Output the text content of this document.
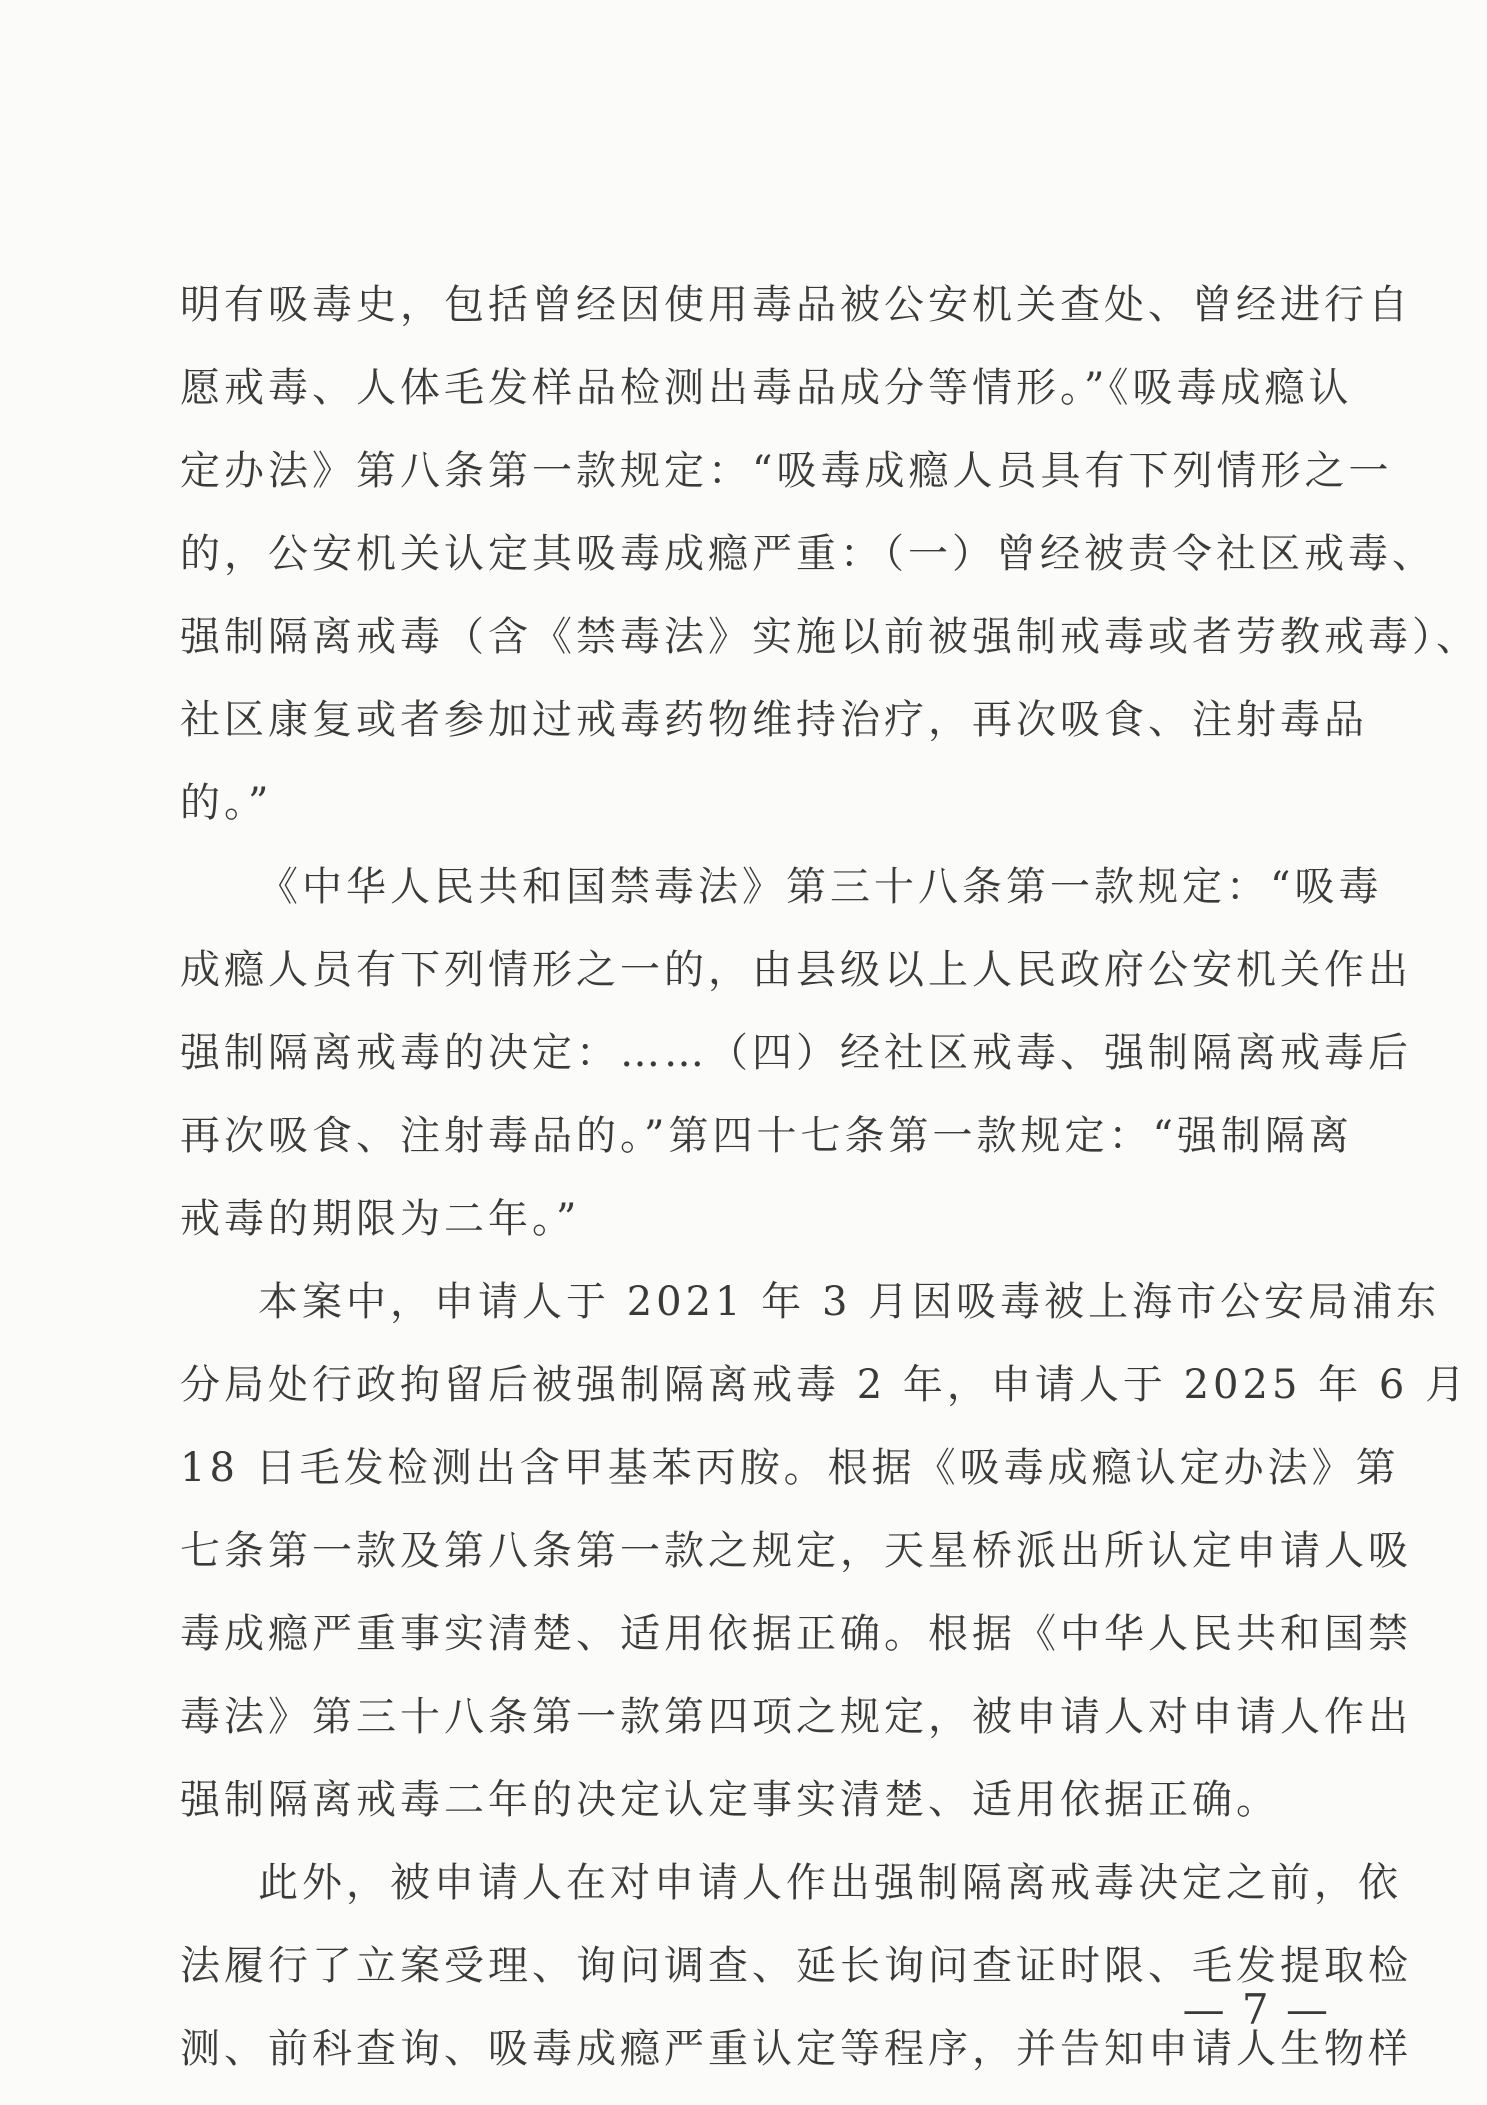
明有吸毒史，包括曾经因使用毒品被公安机关查处、曾经进行自
愿戒毒、人体毛发样品检测出毒品成分等情形。”《吸毒成瘾认
定办法》第八条第一款规定：“吸毒成瘾人员具有下列情形之一
的，公安机关认定其吸毒成瘾严重：（一）曾经被责令社区戒毒、
强制隔离戒毒（含《禁毒法》实施以前被强制戒毒或者劳教戒毒）、
社区康复或者参加过戒毒药物维持治疗，再次吸食、注射毒品
的。”
《中华人民共和国禁毒法》第三十八条第一款规定：“吸毒
成瘾人员有下列情形之一的，由县级以上人民政府公安机关作出
强制隔离戒毒的决定：……（四）经社区戒毒、强制隔离戒毒后
再次吸食、注射毒品的。”第四十七条第一款规定：“强制隔离
戒毒的期限为二年。”
本案中，申请人于 2021 年 3 月因吸毒被上海市公安局浦东
分局处行政拘留后被强制隔离戒毒 2 年，申请人于 2025 年 6 月
18 日毛发检测出含甲基苯丙胺。根据《吸毒成瘾认定办法》第
七条第一款及第八条第一款之规定，天星桥派出所认定申请人吸
毒成瘾严重事实清楚、适用依据正确。根据《中华人民共和国禁
毒法》第三十八条第一款第四项之规定，被申请人对申请人作出
强制隔离戒毒二年的决定认定事实清楚、适用依据正确。
此外，被申请人在对申请人作出强制隔离戒毒决定之前，依
法履行了立案受理、询问调查、延长询问查证时限、毛发提取检
测、前科查询、吸毒成瘾严重认定等程序，并告知申请人生物样
— 7 —
